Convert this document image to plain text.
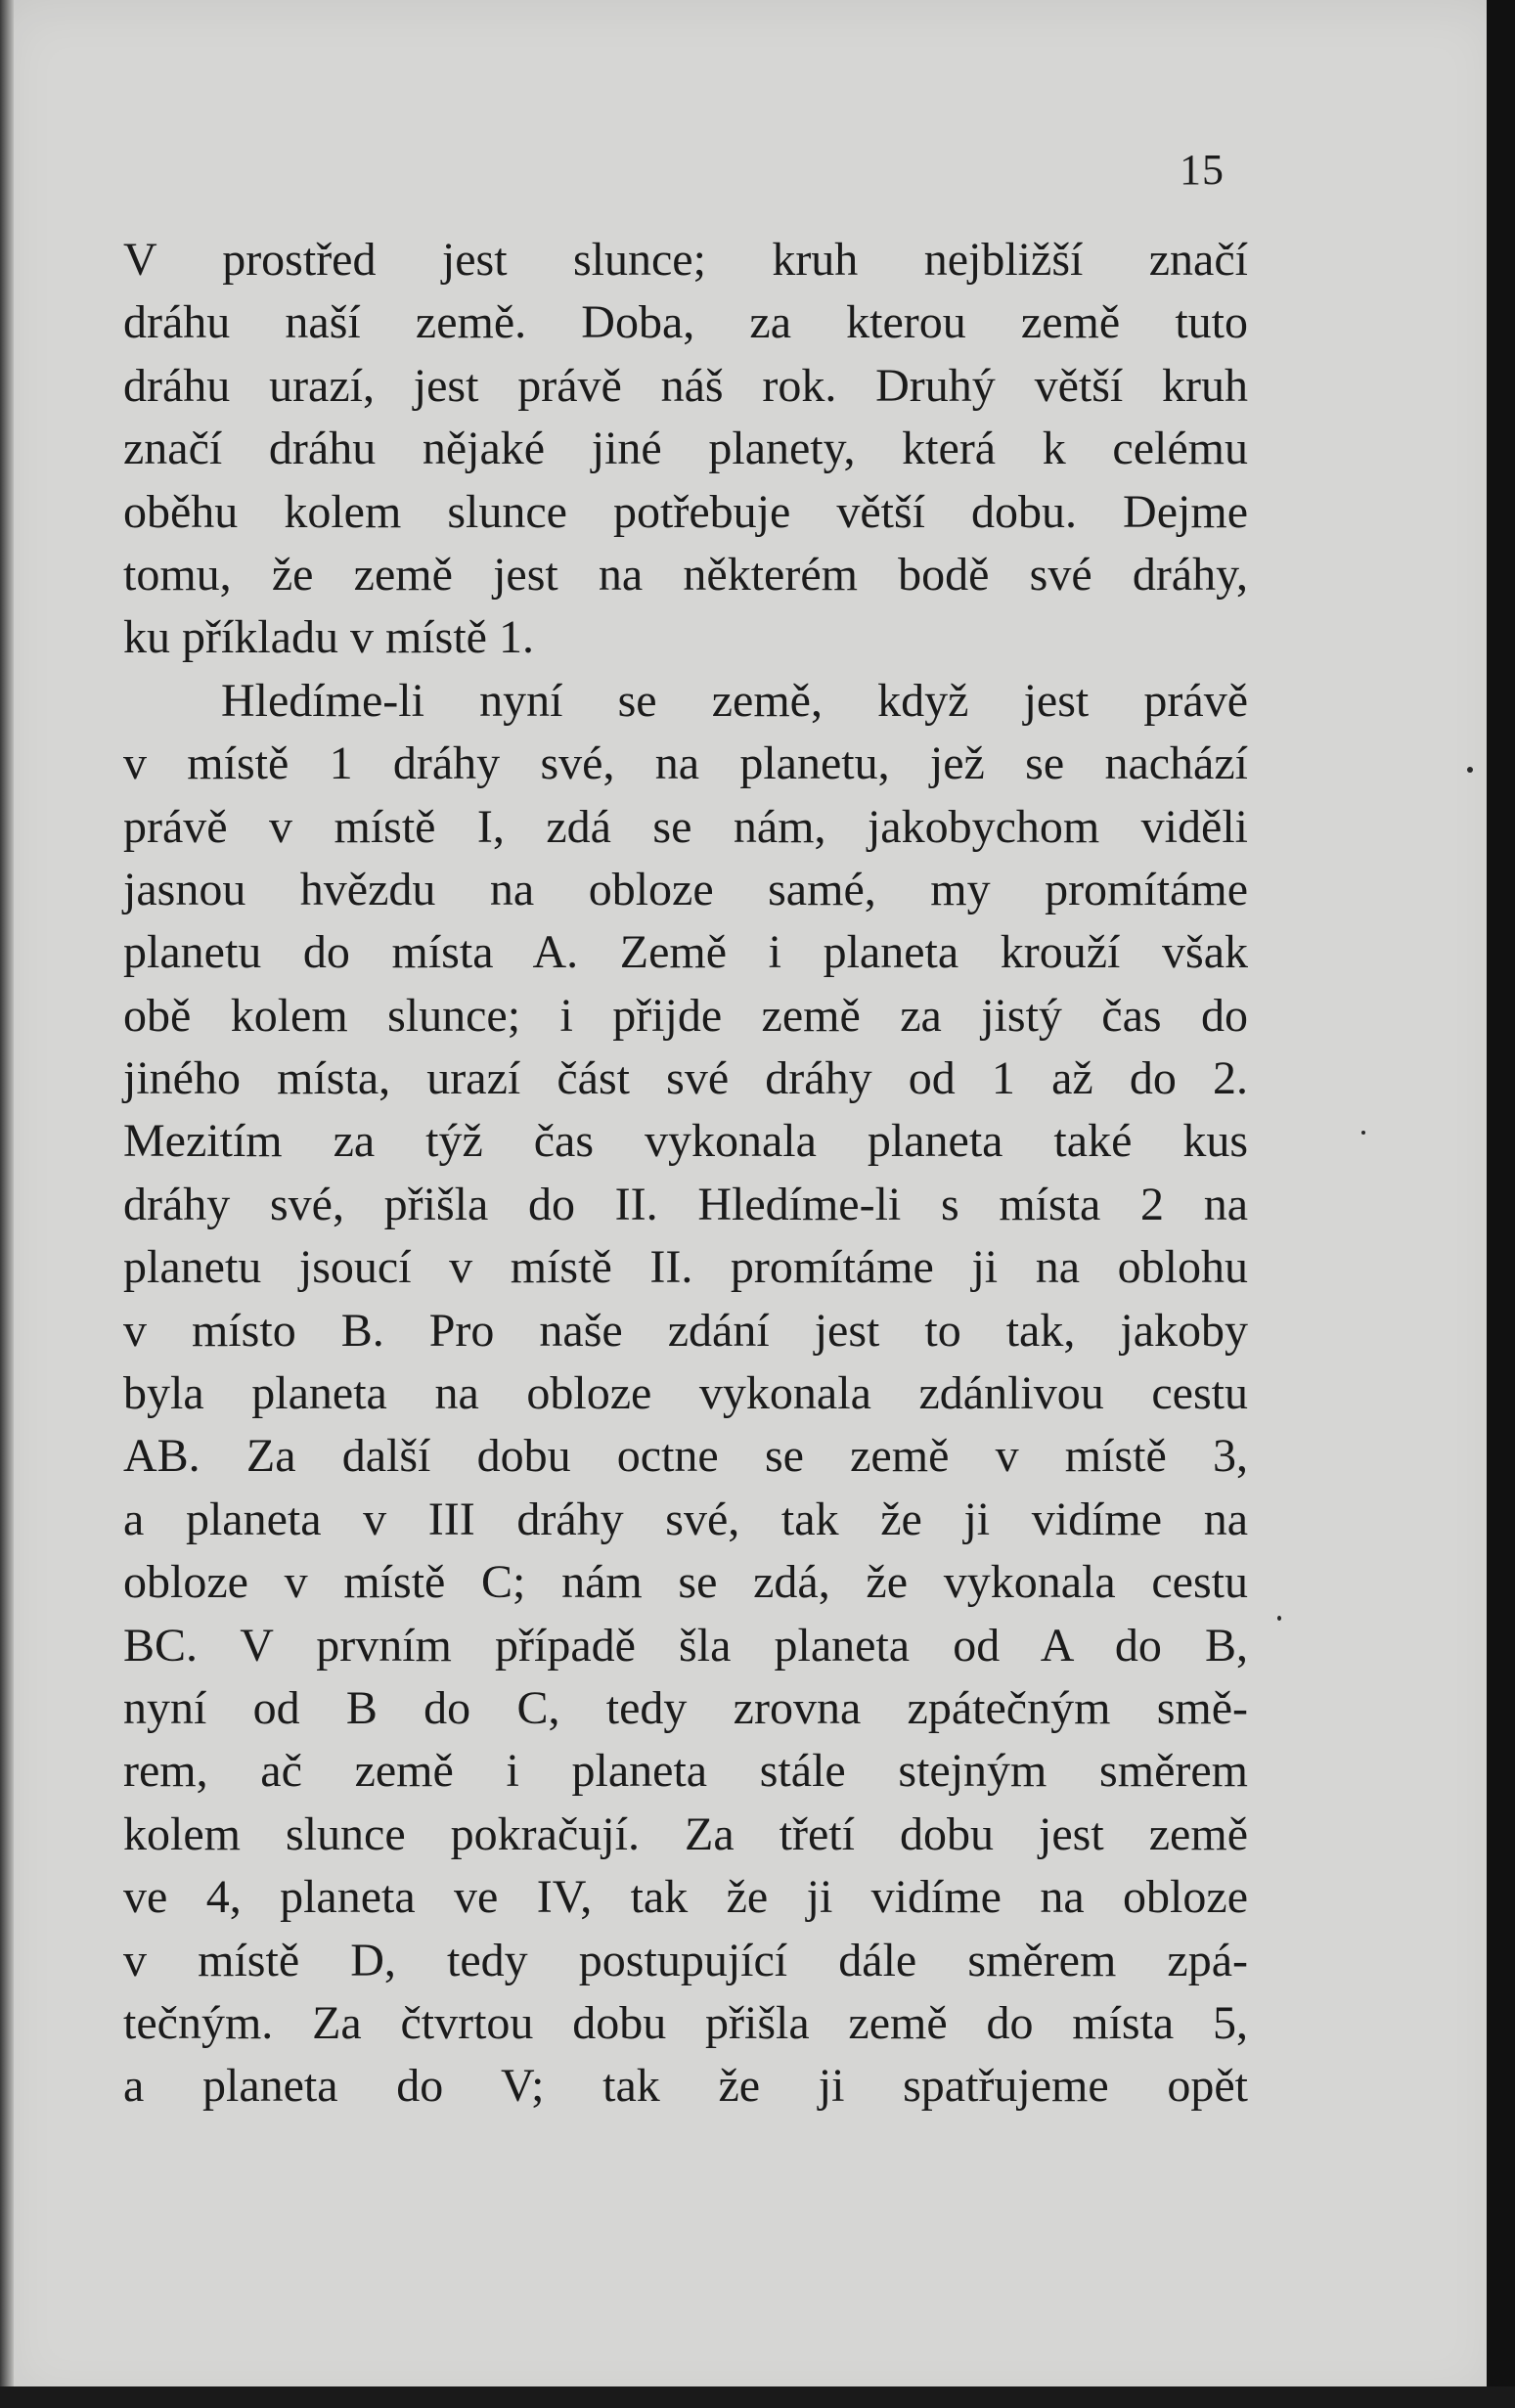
15
V prostřed jest slunce; kruh nejbližší značí
dráhu naší země. Doba, za kterou země tuto
dráhu urazí, jest právě náš rok. Druhý větší kruh
značí dráhu nějaké jiné planety, která k celému
oběhu kolem slunce potřebuje větší dobu. Dejme
tomu, že země jest na některém bodě své dráhy,
ku příkladu v místě 1.
Hledíme-li nyní se země, když jest právě
v místě 1 dráhy své, na planetu, jež se nachází
právě v místě I, zdá se nám, jakobychom viděli
jasnou hvězdu na obloze samé, my promítáme
planetu do místa A. Země i planeta krouží však
obě kolem slunce; i přijde země za jistý čas do
jiného místa, urazí část své dráhy od 1 až do 2.
Mezitím za týž čas vykonala planeta také kus
dráhy své, přišla do II. Hledíme-li s místa 2 na
planetu jsoucí v místě II. promítáme ji na oblohu
v místo B. Pro naše zdání jest to tak, jakoby
byla planeta na obloze vykonala zdánlivou cestu
AB. Za další dobu octne se země v místě 3,
a planeta v III dráhy své, tak že ji vidíme na
obloze v místě C; nám se zdá, že vykonala cestu
BC. V prvním případě šla planeta od A do B,
nyní od B do C, tedy zrovna zpátečným smě-
rem, ač země i planeta stále stejným směrem
kolem slunce pokračují. Za třetí dobu jest země
ve 4, planeta ve IV, tak že ji vidíme na obloze
v místě D, tedy postupující dále směrem zpá-
tečným. Za čtvrtou dobu přišla země do místa 5,
a planeta do V; tak že ji spatřujeme opět
